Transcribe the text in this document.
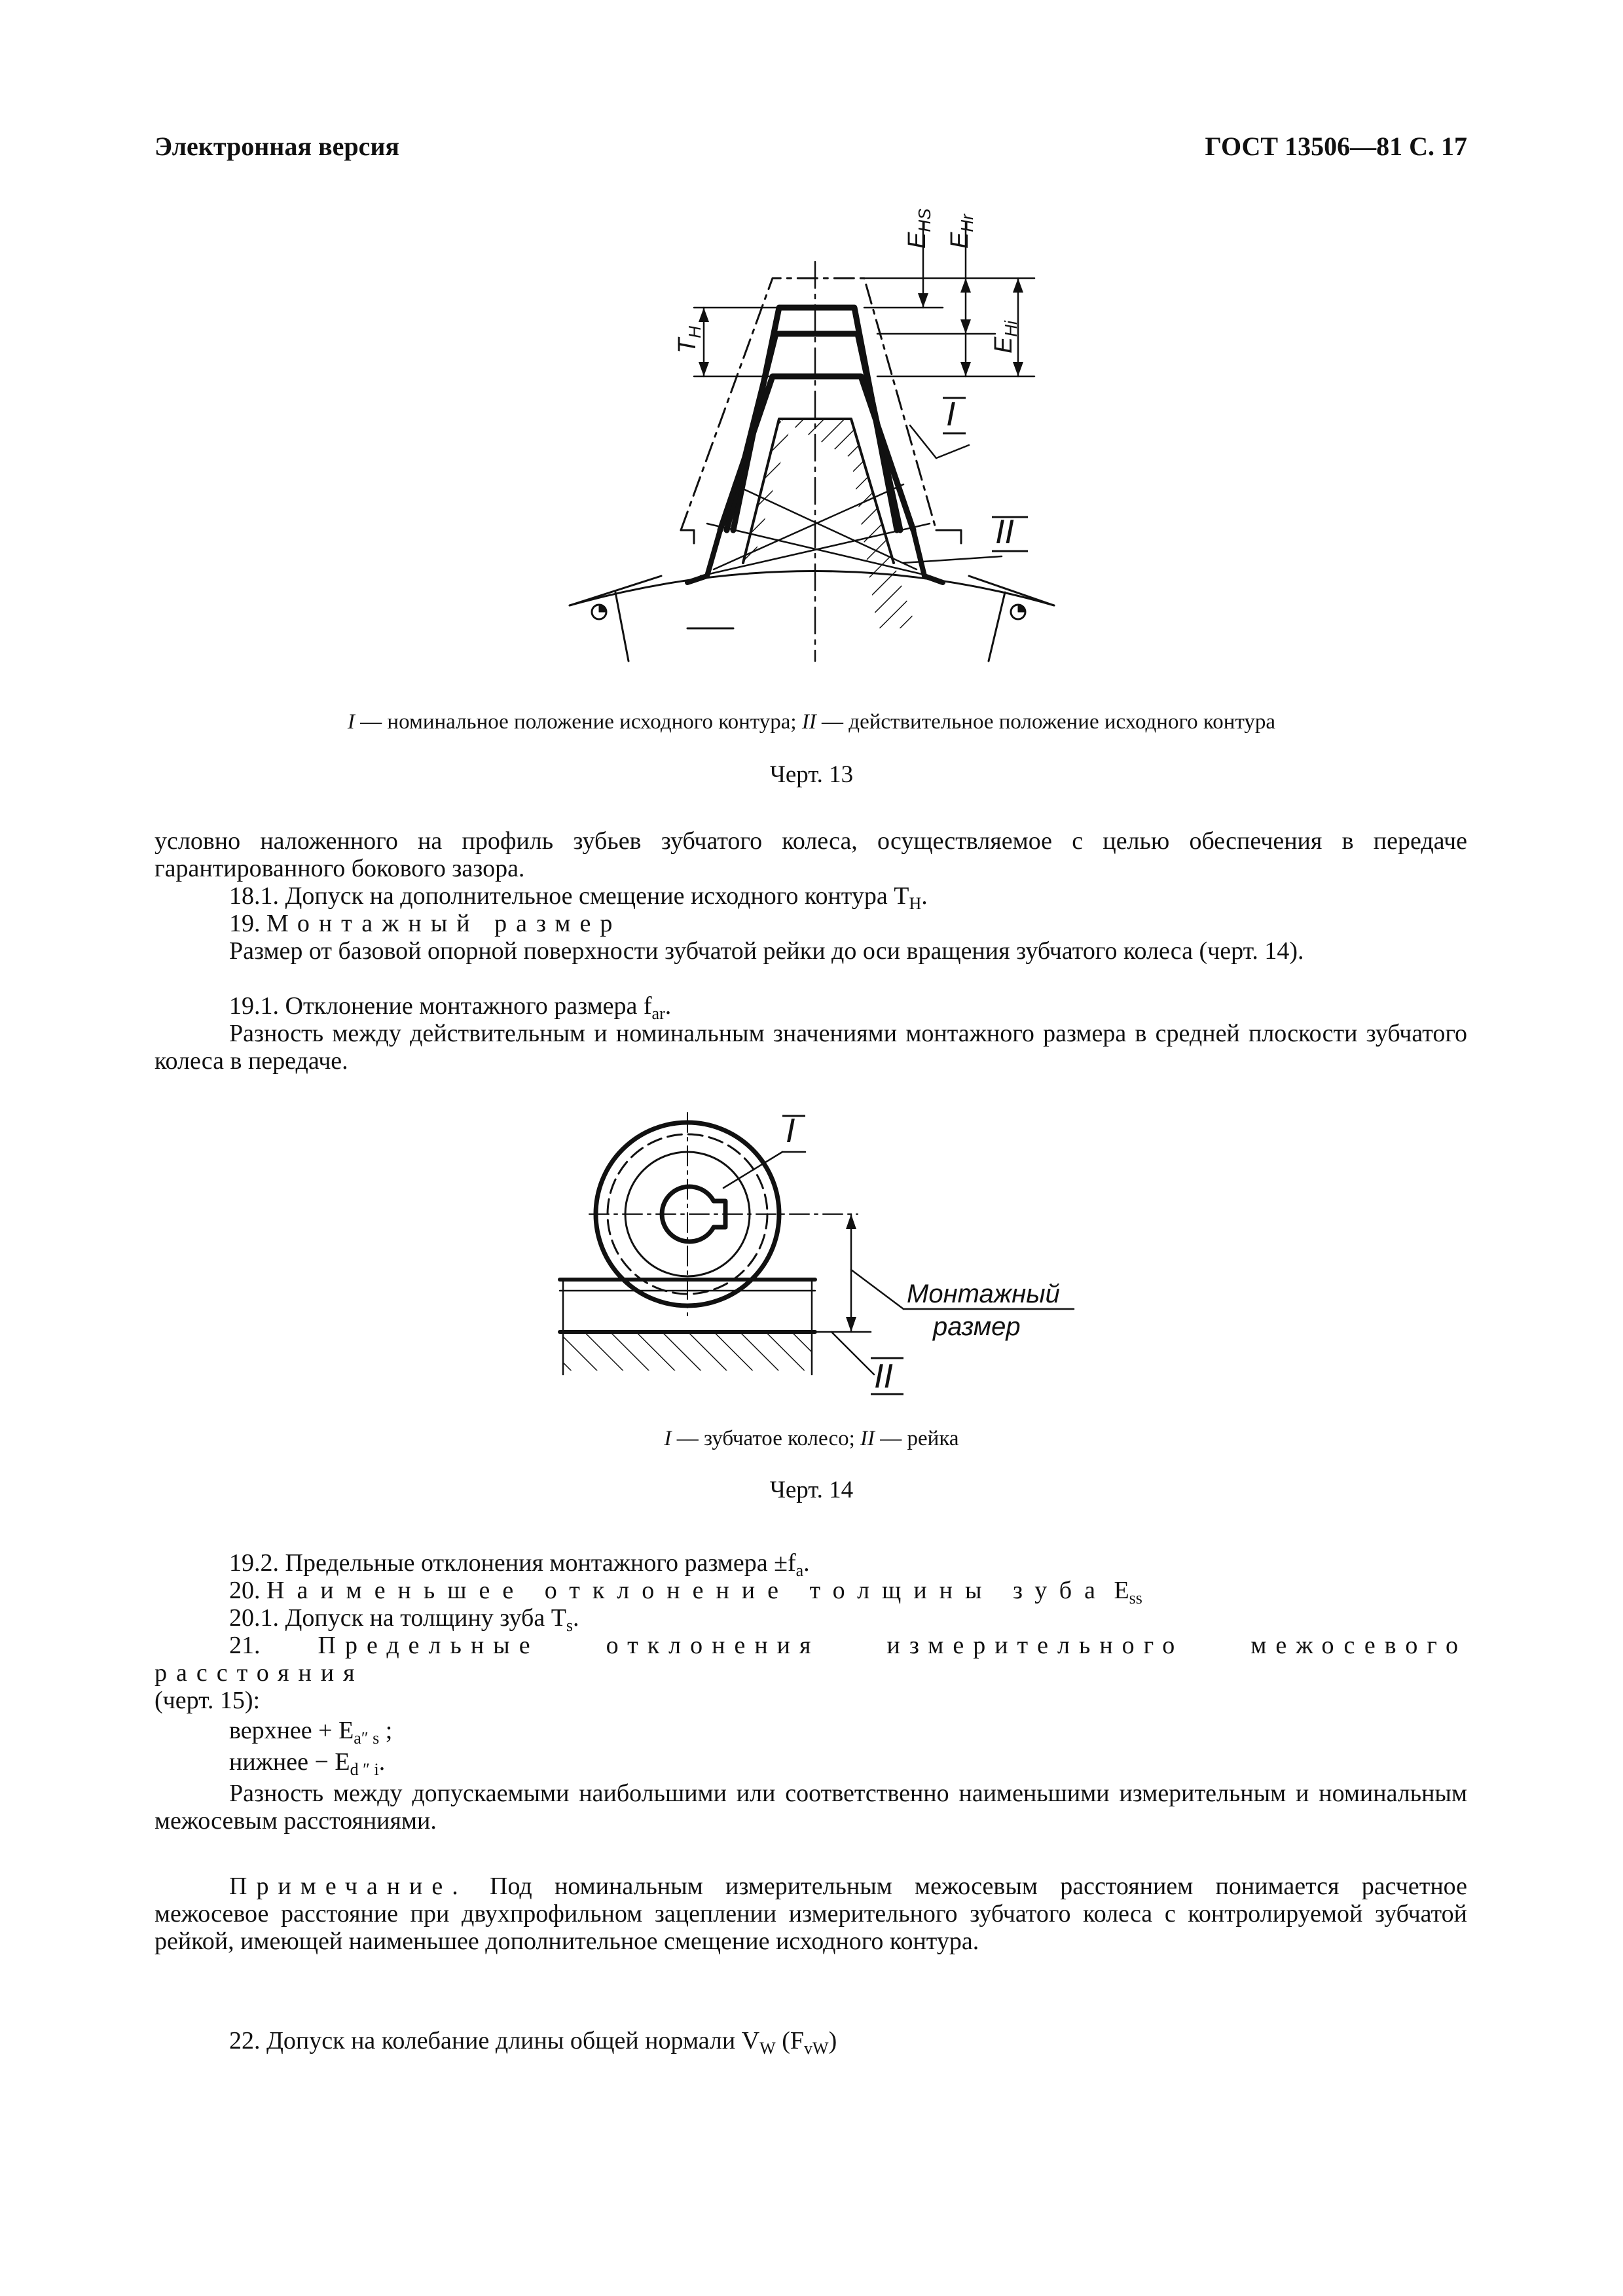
Электронная версия	ГОСТ 13506—81 С. 17
$E_{HS}$
$E_{Hr}$
$E_{Hi}$
$T_H$
I
II
I — номинальное положение исходного контура; II — действительное положение исходного контура
Черт. 13

условно наложенного на профиль зубьев зубчатого колеса, осуществляемое с целью обеспечения в передаче гарантированного бокового зазора.

18.1. Допуск на дополнительное смещение исходного контура $T_H$.

19. Монтажный размер

Размер от базовой опорной поверхности зубчатой рейки до оси вращения зубчатого колеса (черт. 14).

19.1. Отклонение монтажного размера $f_{ar}$.

Разность между действительным и номинальным значениями монтажного размера в средней плоскости зубчатого колеса в передаче.

I
II
Монтажный
размер
I — зубчатое колесо; II — рейка
Черт. 14

19.2. Предельные отклонения монтажного размера $\pm f_a$.

20. Наименьшее отклонение толщины зуба $E_{ss}$

20.1. Допуск на толщину зуба $T_s$.

21. Предельные отклонения измерительного межосевого расстояния

(черт. 15):

верхнее + $E_{a'' s}$ ;

нижнее − $E_{d '' i}$.

Разность между допускаемыми наибольшими или соответственно наименьшими измерительным и номинальным межосевым расстояниями.

Примечание. Под номинальным измерительным межосевым расстоянием понимается расчетное межосевое расстояние при двухпрофильном зацеплении измерительного зубчатого колеса с контролируемой зубчатой рейкой, имеющей наименьшее дополнительное смещение исходного контура.

22. Допуск на колебание длины общей нормали $V_W$ $(F_{vW})$
